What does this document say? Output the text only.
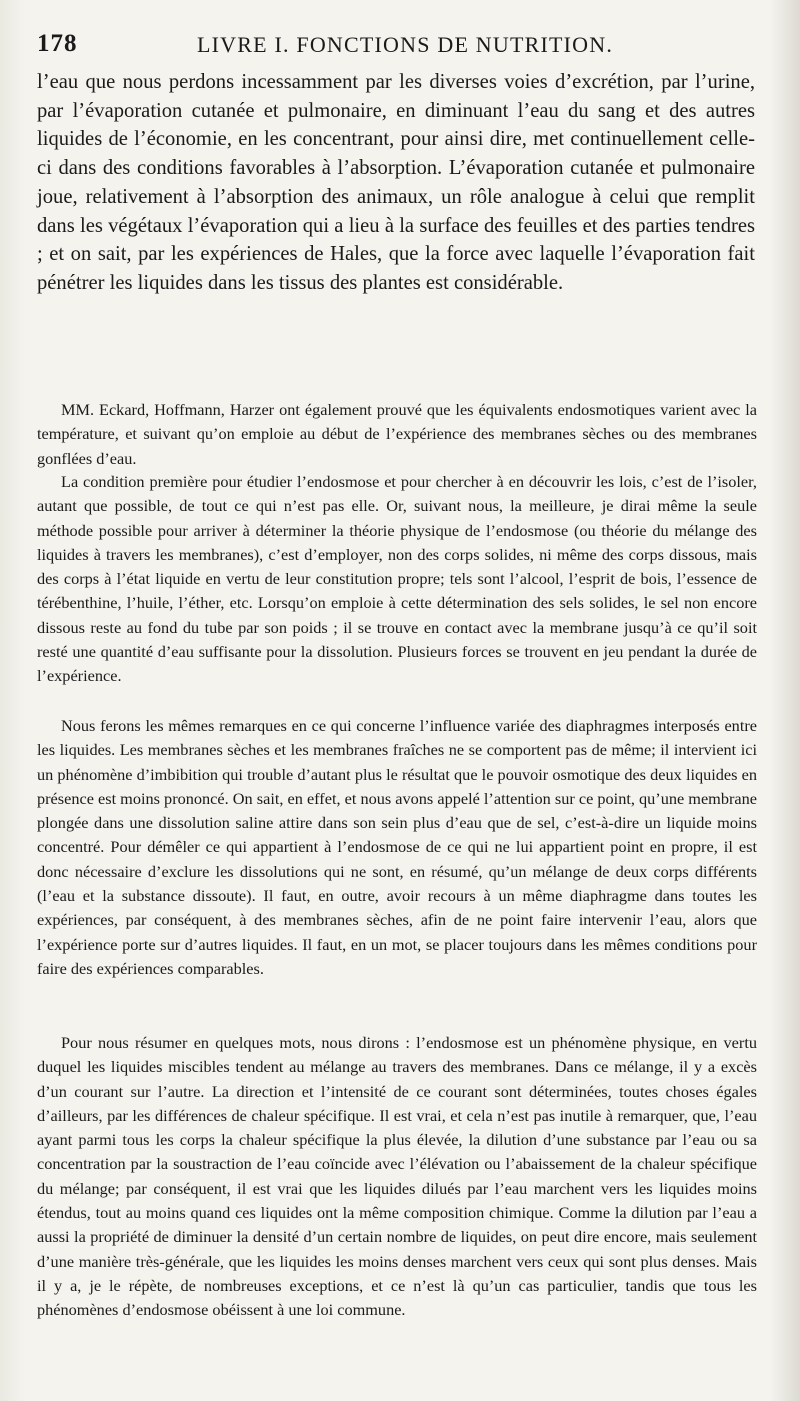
178	LIVRE I. FONCTIONS DE NUTRITION.

l’eau que nous perdons incessamment par les diverses voies d’excrétion, par l’urine, par l’évaporation cutanée et pulmonaire, en diminuant l’eau du sang et des autres liquides de l’économie, en les concentrant, pour ainsi dire, met continuellement celle-ci dans des conditions favorables à l’absorption. L’évaporation cutanée et pulmonaire joue, relativement à l’absorption des animaux, un rôle analogue à celui que remplit dans les végétaux l’évaporation qui a lieu à la surface des feuilles et des parties tendres ; et on sait, par les expériences de Hales, que la force avec laquelle l’évaporation fait pénétrer les liquides dans les tissus des plantes est considérable.

MM. Eckard, Hoffmann, Harzer ont également prouvé que les équivalents endosmotiques varient avec la température, et suivant qu’on emploie au début de l’expérience des membranes sèches ou des membranes gonflées d’eau.

La condition première pour étudier l’endosmose et pour chercher à en découvrir les lois, c’est de l’isoler, autant que possible, de tout ce qui n’est pas elle. Or, suivant nous, la meilleure, je dirai même la seule méthode possible pour arriver à déterminer la théorie physique de l’endosmose (ou théorie du mélange des liquides à travers les membranes), c’est d’employer, non des corps solides, ni même des corps dissous, mais des corps à l’état liquide en vertu de leur constitution propre; tels sont l’alcool, l’esprit de bois, l’essence de térébenthine, l’huile, l’éther, etc. Lorsqu’on emploie à cette détermination des sels solides, le sel non encore dissous reste au fond du tube par son poids ; il se trouve en contact avec la membrane jusqu’à ce qu’il soit resté une quantité d’eau suffisante pour la dissolution. Plusieurs forces se trouvent en jeu pendant la durée de l’expérience.

Nous ferons les mêmes remarques en ce qui concerne l’influence variée des diaphragmes interposés entre les liquides. Les membranes sèches et les membranes fraîches ne se comportent pas de même; il intervient ici un phénomène d’imbibition qui trouble d’autant plus le résultat que le pouvoir osmotique des deux liquides en présence est moins prononcé. On sait, en effet, et nous avons appelé l’attention sur ce point, qu’une membrane plongée dans une dissolution saline attire dans son sein plus d’eau que de sel, c’est-à-dire un liquide moins concentré. Pour démêler ce qui appartient à l’endosmose de ce qui ne lui appartient point en propre, il est donc nécessaire d’exclure les dissolutions qui ne sont, en résumé, qu’un mélange de deux corps différents (l’eau et la substance dissoute). Il faut, en outre, avoir recours à un même diaphragme dans toutes les expériences, par conséquent, à des membranes sèches, afin de ne point faire intervenir l’eau, alors que l’expérience porte sur d’autres liquides. Il faut, en un mot, se placer toujours dans les mêmes conditions pour faire des expériences comparables.

Pour nous résumer en quelques mots, nous dirons : l’endosmose est un phénomène physique, en vertu duquel les liquides miscibles tendent au mélange au travers des membranes. Dans ce mélange, il y a excès d’un courant sur l’autre. La direction et l’intensité de ce courant sont déterminées, toutes choses égales d’ailleurs, par les différences de chaleur spécifique. Il est vrai, et cela n’est pas inutile à remarquer, que, l’eau ayant parmi tous les corps la chaleur spécifique la plus élevée, la dilution d’une substance par l’eau ou sa concentration par la soustraction de l’eau coïncide avec l’élévation ou l’abaissement de la chaleur spécifique du mélange; par conséquent, il est vrai que les liquides dilués par l’eau marchent vers les liquides moins étendus, tout au moins quand ces liquides ont la même composition chimique. Comme la dilution par l’eau a aussi la propriété de diminuer la densité d’un certain nombre de liquides, on peut dire encore, mais seulement d’une manière très-générale, que les liquides les moins denses marchent vers ceux qui sont plus denses. Mais il y a, je le répète, de nombreuses exceptions, et ce n’est là qu’un cas particulier, tandis que tous les phénomènes d’endosmose obéissent à une loi commune.
